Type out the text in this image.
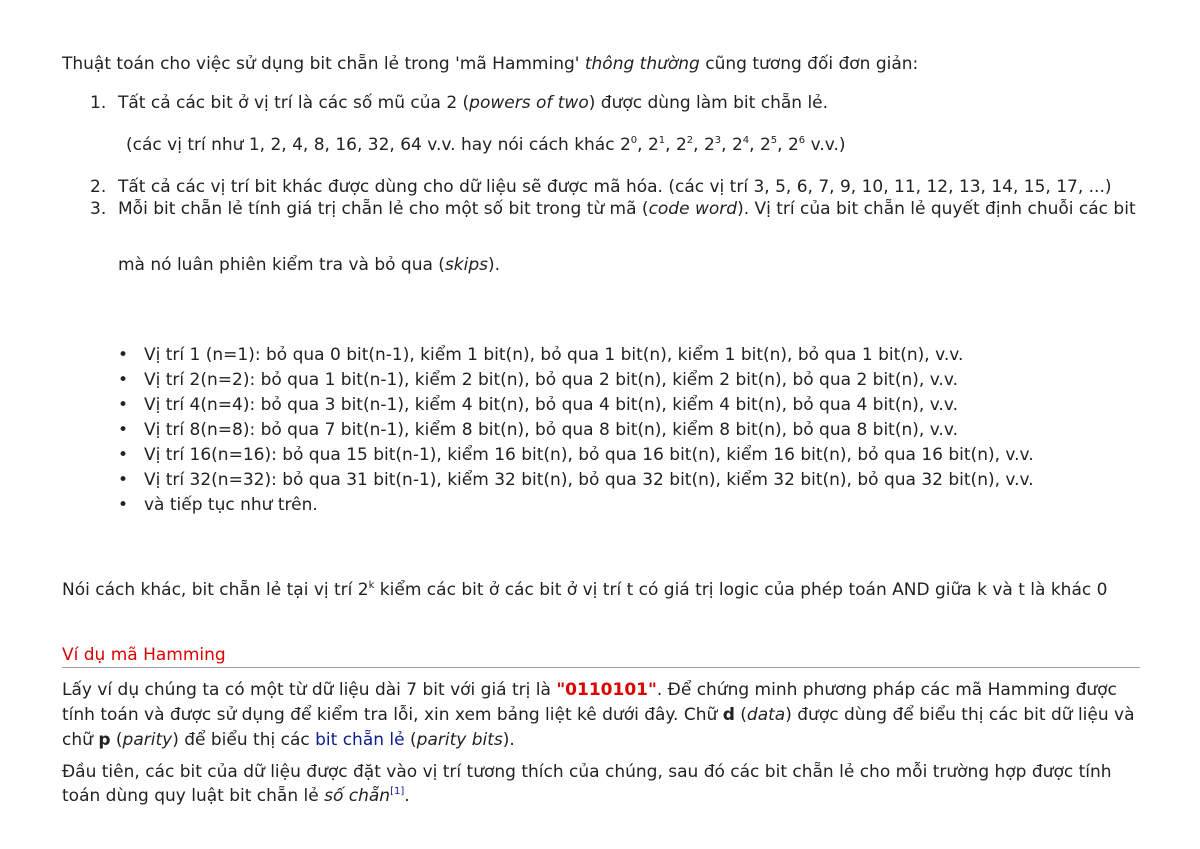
Thuật toán cho việc sử dụng bit chẵn lẻ trong 'mã Hamming' thông thường cũng tương đối đơn giản:

1. Tất cả các bit ở vị trí là các số mũ của 2 (powers of two) được dùng làm bit chẵn lẻ.

(các vị trí như 1, 2, 4, 8, 16, 32, 64 v.v. hay nói cách khác $2^0$, $2^1$, $2^2$, $2^3$, $2^4$, $2^5$, $2^6$ v.v.)

2. Tất cả các vị trí bit khác được dùng cho dữ liệu sẽ được mã hóa. (các vị trí 3, 5, 6, 7, 9, 10, 11, 12, 13, 14, 15, 17, ...)
3. Mỗi bit chẵn lẻ tính giá trị chẵn lẻ cho một số bit trong từ mã (code word). Vị trí của bit chẵn lẻ quyết định chuỗi các bit

mà nó luân phiên kiểm tra và bỏ qua (skips).

• Vị trí 1 (n=1): bỏ qua 0 bit(n-1), kiểm 1 bit(n), bỏ qua 1 bit(n), kiểm 1 bit(n), bỏ qua 1 bit(n), v.v.
• Vị trí 2(n=2): bỏ qua 1 bit(n-1), kiểm 2 bit(n), bỏ qua 2 bit(n), kiểm 2 bit(n), bỏ qua 2 bit(n), v.v.
• Vị trí 4(n=4): bỏ qua 3 bit(n-1), kiểm 4 bit(n), bỏ qua 4 bit(n), kiểm 4 bit(n), bỏ qua 4 bit(n), v.v.
• Vị trí 8(n=8): bỏ qua 7 bit(n-1), kiểm 8 bit(n), bỏ qua 8 bit(n), kiểm 8 bit(n), bỏ qua 8 bit(n), v.v.
• Vị trí 16(n=16): bỏ qua 15 bit(n-1), kiểm 16 bit(n), bỏ qua 16 bit(n), kiểm 16 bit(n), bỏ qua 16 bit(n), v.v.
• Vị trí 32(n=32): bỏ qua 31 bit(n-1), kiểm 32 bit(n), bỏ qua 32 bit(n), kiểm 32 bit(n), bỏ qua 32 bit(n), v.v.
• và tiếp tục như trên.

Nói cách khác, bit chẵn lẻ tại vị trí 2$^k$ kiểm các bit ở các bit ở vị trí t có giá trị logic của phép toán AND giữa k và t là khác 0

Ví dụ mã Hamming

Lấy ví dụ chúng ta có một từ dữ liệu dài 7 bit với giá trị là "0110101". Để chứng minh phương pháp các mã Hamming được tính toán và được sử dụng để kiểm tra lỗi, xin xem bảng liệt kê dưới đây. Chữ d (data) được dùng để biểu thị các bit dữ liệu và chữ p (parity) để biểu thị các bit chẵn lẻ (parity bits).

Đầu tiên, các bit của dữ liệu được đặt vào vị trí tương thích của chúng, sau đó các bit chẵn lẻ cho mỗi trường hợp được tính toán dùng quy luật bit chẵn lẻ số chẵn[1].
